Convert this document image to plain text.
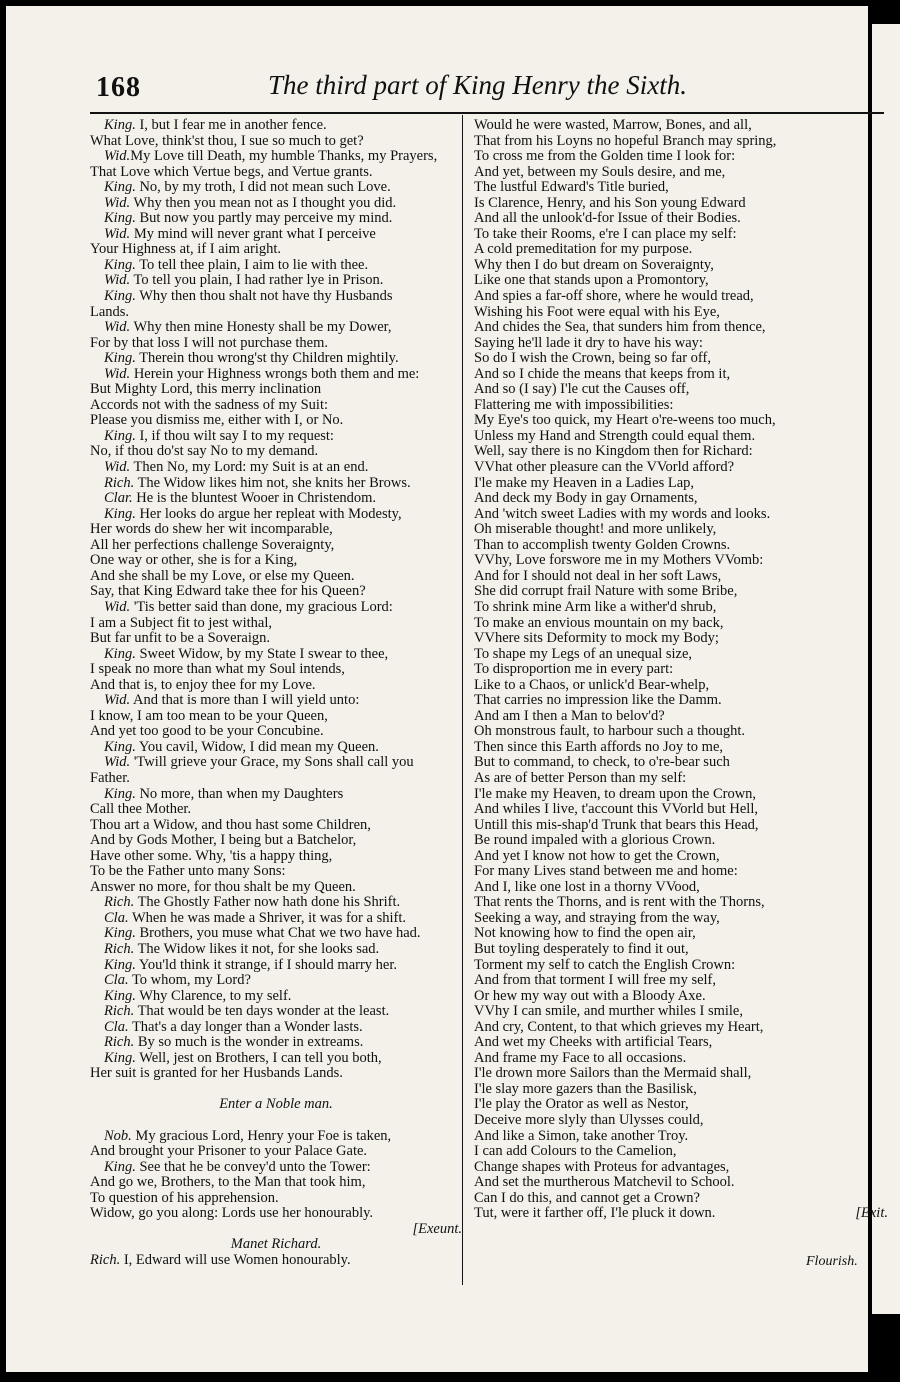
168	The third part of King Henry the Sixth.
King. I, but I fear me in another fence.
What Love, think'st thou, I sue so much to get?
Wid.My Love till Death, my humble Thanks, my Prayers,
That Love which Vertue begs, and Vertue grants.
King. No, by my troth, I did not mean such Love.
Wid. Why then you mean not as I thought you did.
King. But now you partly may perceive my mind.
Wid. My mind will never grant what I perceive
Your Highness at, if I aim aright.
King. To tell thee plain, I aim to lie with thee.
Wid. To tell you plain, I had rather lye in Prison.
King. Why then thou shalt not have thy Husbands
Lands.
Wid. Why then mine Honesty shall be my Dower,
For by that loss I will not purchase them.
King. Therein thou wrong'st thy Children mightily.
Wid. Herein your Highness wrongs both them and me:
But Mighty Lord, this merry inclination
Accords not with the sadness of my Suit:
Please you dismiss me, either with I, or No.
King. I, if thou wilt say I to my request:
No, if thou do'st say No to my demand.
Wid. Then No, my Lord: my Suit is at an end.
Rich. The Widow likes him not, she knits her Brows.
Clar. He is the bluntest Wooer in Christendom.
King. Her looks do argue her repleat with Modesty,
Her words do shew her wit incomparable,
All her perfections challenge Soveraignty,
One way or other, she is for a King,
And she shall be my Love, or else my Queen.
Say, that King Edward take thee for his Queen?
Wid. 'Tis better said than done, my gracious Lord:
I am a Subject fit to jest withal,
But far unfit to be a Soveraign.
King. Sweet Widow, by my State I swear to thee,
I speak no more than what my Soul intends,
And that is, to enjoy thee for my Love.
Wid. And that is more than I will yield unto:
I know, I am too mean to be your Queen,
And yet too good to be your Concubine.
King. You cavil, Widow, I did mean my Queen.
Wid. 'Twill grieve your Grace, my Sons shall call you
Father.
King. No more, than when my Daughters
Call thee Mother.
Thou art a Widow, and thou hast some Children,
And by Gods Mother, I being but a Batchelor,
Have other some. Why, 'tis a happy thing,
To be the Father unto many Sons:
Answer no more, for thou shalt be my Queen.
Rich. The Ghostly Father now hath done his Shrift.
Cla. When he was made a Shriver, it was for a shift.
King. Brothers, you muse what Chat we two have had.
Rich. The Widow likes it not, for she looks sad.
King. You'ld think it strange, if I should marry her.
Cla. To whom, my Lord?
King. Why Clarence, to my self.
Rich. That would be ten days wonder at the least.
Cla. That's a day longer than a Wonder lasts.
Rich. By so much is the wonder in extreams.
King. Well, jest on Brothers, I can tell you both,
Her suit is granted for her Husbands Lands.
Enter a Noble man.
Nob. My gracious Lord, Henry your Foe is taken,
And brought your Prisoner to your Palace Gate.
King. See that he be convey'd unto the Tower:
And go we, Brothers, to the Man that took him,
To question of his apprehension.
Widow, go you along: Lords use her honourably.
[Exeunt.
Manet Richard.
Rich. I, Edward will use Women honourably.
Would he were wasted, Marrow, Bones, and all,
That from his Loyns no hopeful Branch may spring,
To cross me from the Golden time I look for:
And yet, between my Souls desire, and me,
The lustful Edward's Title buried,
Is Clarence, Henry, and his Son young Edward
And all the unlook'd-for Issue of their Bodies.
To take their Rooms, e're I can place my self:
A cold premeditation for my purpose.
Why then I do but dream on Soveraignty,
Like one that stands upon a Promontory,
And spies a far-off shore, where he would tread,
Wishing his Foot were equal with his Eye,
And chides the Sea, that sunders him from thence,
Saying he'll lade it dry to have his way:
So do I wish the Crown, being so far off,
And so I chide the means that keeps from it,
And so (I say) I'le cut the Causes off,
Flattering me with impossibilities:
My Eye's too quick, my Heart o're-weens too much,
Unless my Hand and Strength could equal them.
Well, say there is no Kingdom then for Richard:
VVhat other pleasure can the VVorld afford?
I'le make my Heaven in a Ladies Lap,
And deck my Body in gay Ornaments,
And 'witch sweet Ladies with my words and looks.
Oh miserable thought! and more unlikely,
Than to accomplish twenty Golden Crowns.
VVhy, Love forswore me in my Mothers VVomb:
And for I should not deal in her soft Laws,
She did corrupt frail Nature with some Bribe,
To shrink mine Arm like a wither'd shrub,
To make an envious mountain on my back,
VVhere sits Deformity to mock my Body;
To shape my Legs of an unequal size,
To disproportion me in every part:
Like to a Chaos, or unlick'd Bear-whelp,
That carries no impression like the Damm.
And am I then a Man to belov'd?
Oh monstrous fault, to harbour such a thought.
Then since this Earth affords no Joy to me,
But to command, to check, to o're-bear such
As are of better Person than my self:
I'le make my Heaven, to dream upon the Crown,
And whiles I live, t'account this VVorld but Hell,
Untill this mis-shap'd Trunk that bears this Head,
Be round impaled with a glorious Crown.
And yet I know not how to get the Crown,
For many Lives stand between me and home:
And I, like one lost in a thorny VVood,
That rents the Thorns, and is rent with the Thorns,
Seeking a way, and straying from the way,
Not knowing how to find the open air,
But toyling desperately to find it out,
Torment my self to catch the English Crown:
And from that torment I will free my self,
Or hew my way out with a Bloody Axe.
VVhy I can smile, and murther whiles I smile,
And cry, Content, to that which grieves my Heart,
And wet my Cheeks with artificial Tears,
And frame my Face to all occasions.
I'le drown more Sailors than the Mermaid shall,
I'le slay more gazers than the Basilisk,
I'le play the Orator as well as Nestor,
Deceive more slyly than Ulysses could,
And like a Simon, take another Troy.
I can add Colours to the Camelion,
Change shapes with Proteus for advantages,
And set the murtherous Matchevil to School.
Can I do this, and cannot get a Crown?
Tut, were it farther off, I'le pluck it down.	[Exit.
Flourish.
